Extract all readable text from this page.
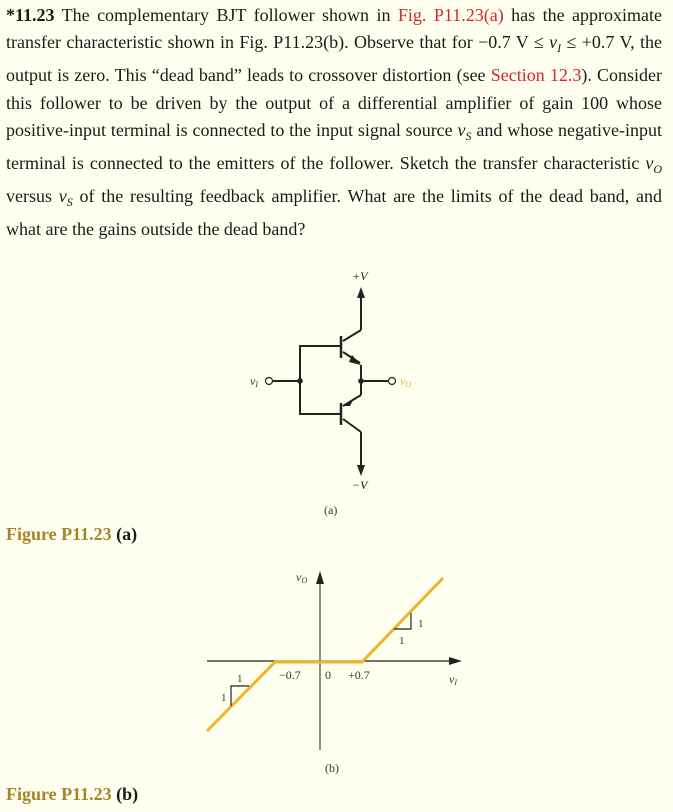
*11.23 The complementary BJT follower shown in Fig. P11.23(a) has the approximate transfer characteristic shown in Fig. P11.23(b). Observe that for −0.7 $V \le v_I \le +0.7$ V, the output is zero. This “dead band” leads to crossover distortion (see Section 12.3). Consider this follower to be driven by the output of a differential amplifier of gain 100 whose positive-input terminal is connected to the input signal source $v_S$ and whose negative-input terminal is connected to the emitters of the follower. Sketch the transfer characteristic $v_O$ versus $v_S$ of the resulting feedback amplifier. What are the limits of the dead band, and what are the gains outside the dead band?
+V
−V
vI	vO
(a)
vO
vI
−0.7 0 +0.7
1
1
1
1
(b)
Figure P11.23 (a)
Figure P11.23 (b)
